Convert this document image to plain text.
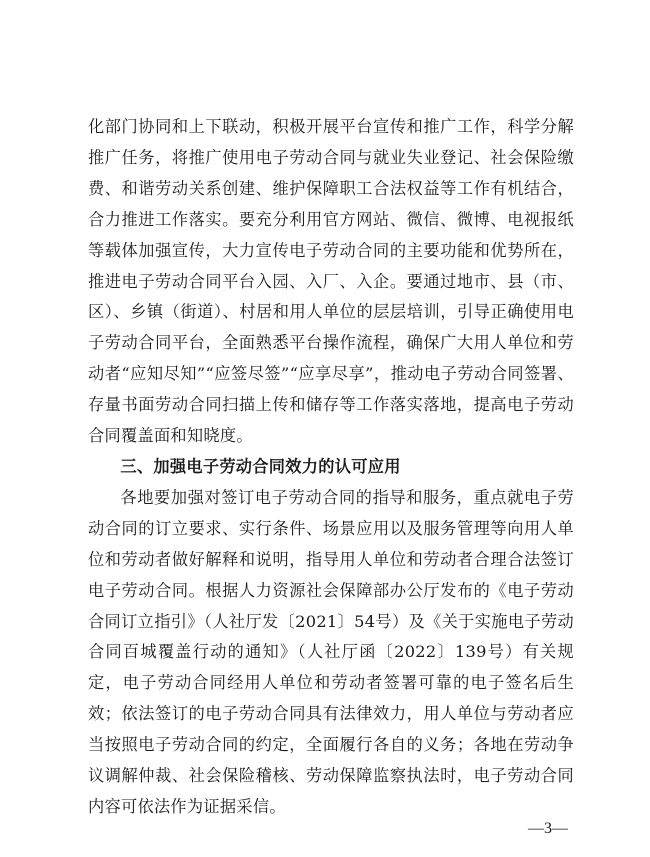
化部门协同和上下联动，积极开展平台宣传和推广工作，科学分解推广任务，将推广使用电子劳动合同与就业失业登记、社会保险缴费、和谐劳动关系创建、维护保障职工合法权益等工作有机结合，合力推进工作落实。要充分利用官方网站、微信、微博、电视报纸等载体加强宣传，大力宣传电子劳动合同的主要功能和优势所在，推进电子劳动合同平台入园、入厂、入企。要通过地市、县（市、区）、乡镇（街道）、村居和用人单位的层层培训，引导正确使用电子劳动合同平台，全面熟悉平台操作流程，确保广大用人单位和劳动者“应知尽知”“应签尽签”“应享尽享”，推动电子劳动合同签署、存量书面劳动合同扫描上传和储存等工作落实落地，提高电子劳动合同覆盖面和知晓度。

三、加强电子劳动合同效力的认可应用

各地要加强对签订电子劳动合同的指导和服务，重点就电子劳动合同的订立要求、实行条件、场景应用以及服务管理等向用人单位和劳动者做好解释和说明，指导用人单位和劳动者合理合法签订电子劳动合同。根据人力资源社会保障部办公厅发布的《电子劳动合同订立指引》（人社厅发〔2021〕54号）及《关于实施电子劳动合同百城覆盖行动的通知》（人社厅函〔2022〕139号）有关规定，电子劳动合同经用人单位和劳动者签署可靠的电子签名后生效；依法签订的电子劳动合同具有法律效力，用人单位与劳动者应当按照电子劳动合同的约定，全面履行各自的义务；各地在劳动争议调解仲裁、社会保险稽核、劳动保障监察执法时，电子劳动合同内容可依法作为证据采信。

—3—
